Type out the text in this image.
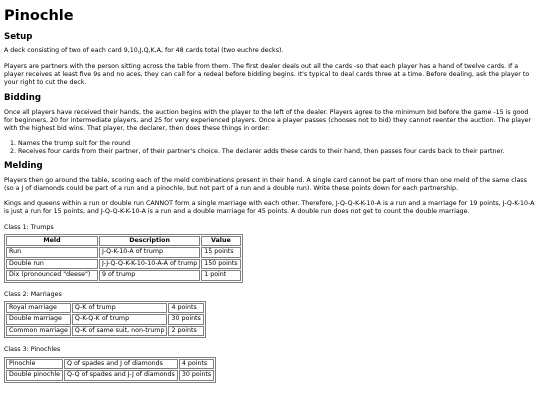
Pinochle
Setup

A deck consisting of two of each card 9,10,J,Q,K,A, for 48 cards total (two euchre decks).

Players are partners with the person sitting across the table from them. The first dealer deals out all the cards -so that each player has a hand of twelve cards. If a player receives at least five 9s and no aces, they can call for a redeal before bidding begins. It's typical to deal cards three at a time. Before dealing, ask the player to your right to cut the deck.

Bidding

Once all players have received their hands, the auction begins with the player to the left of the dealer. Players agree to the minimum bid before the game -15 is good for beginners, 20 for intermediate players, and 25 for very experienced players. Once a player passes (chooses not to bid) they cannot reenter the auction. The player with the highest bid wins. That player, the declarer, then does these things in order:

1. Names the trump suit for the round
2. Receives four cards from their partner, of their partner's choice. The declarer adds these cards to their hand, then passes four cards back to their partner.
Melding

Players then go around the table, scoring each of the meld combinations present in their hand. A single card cannot be part of more than one meld of the same class (so a J of diamonds could be part of a run and a pinochle, but not part of a run and a double run). Write these points down for each partnership.

Kings and queens within a run or double run CANNOT form a single marriage with each other. Therefore, J-Q-Q-K-K-10-A is a run and a marriage for 19 points, J-Q-K-10-A is just a run for 15 points, and J-Q-Q-K-K-10-A is a run and a double marriage for 45 points. A double run does not get to count the double marriage.

Class 1: Trumps

Meld	Description	Value
Run	J-Q-K-10-A of trump	15 points
Double run	J-J-Q-Q-K-K-10-10-A-A of trump	150 points
Dix (pronounced "deese")	9 of trump	1 point

Class 2: Marriages

Royal marriage	Q-K of trump	4 points
Double marriage	Q-K-Q-K of trump	30 points
Common marriage	Q-K of same suit, non-trump	2 points

Class 3: Pinochles

Pinochle	Q of spades and J of diamonds	4 points
Double pinochle	Q-Q of spades and J-J of diamonds	30 points
